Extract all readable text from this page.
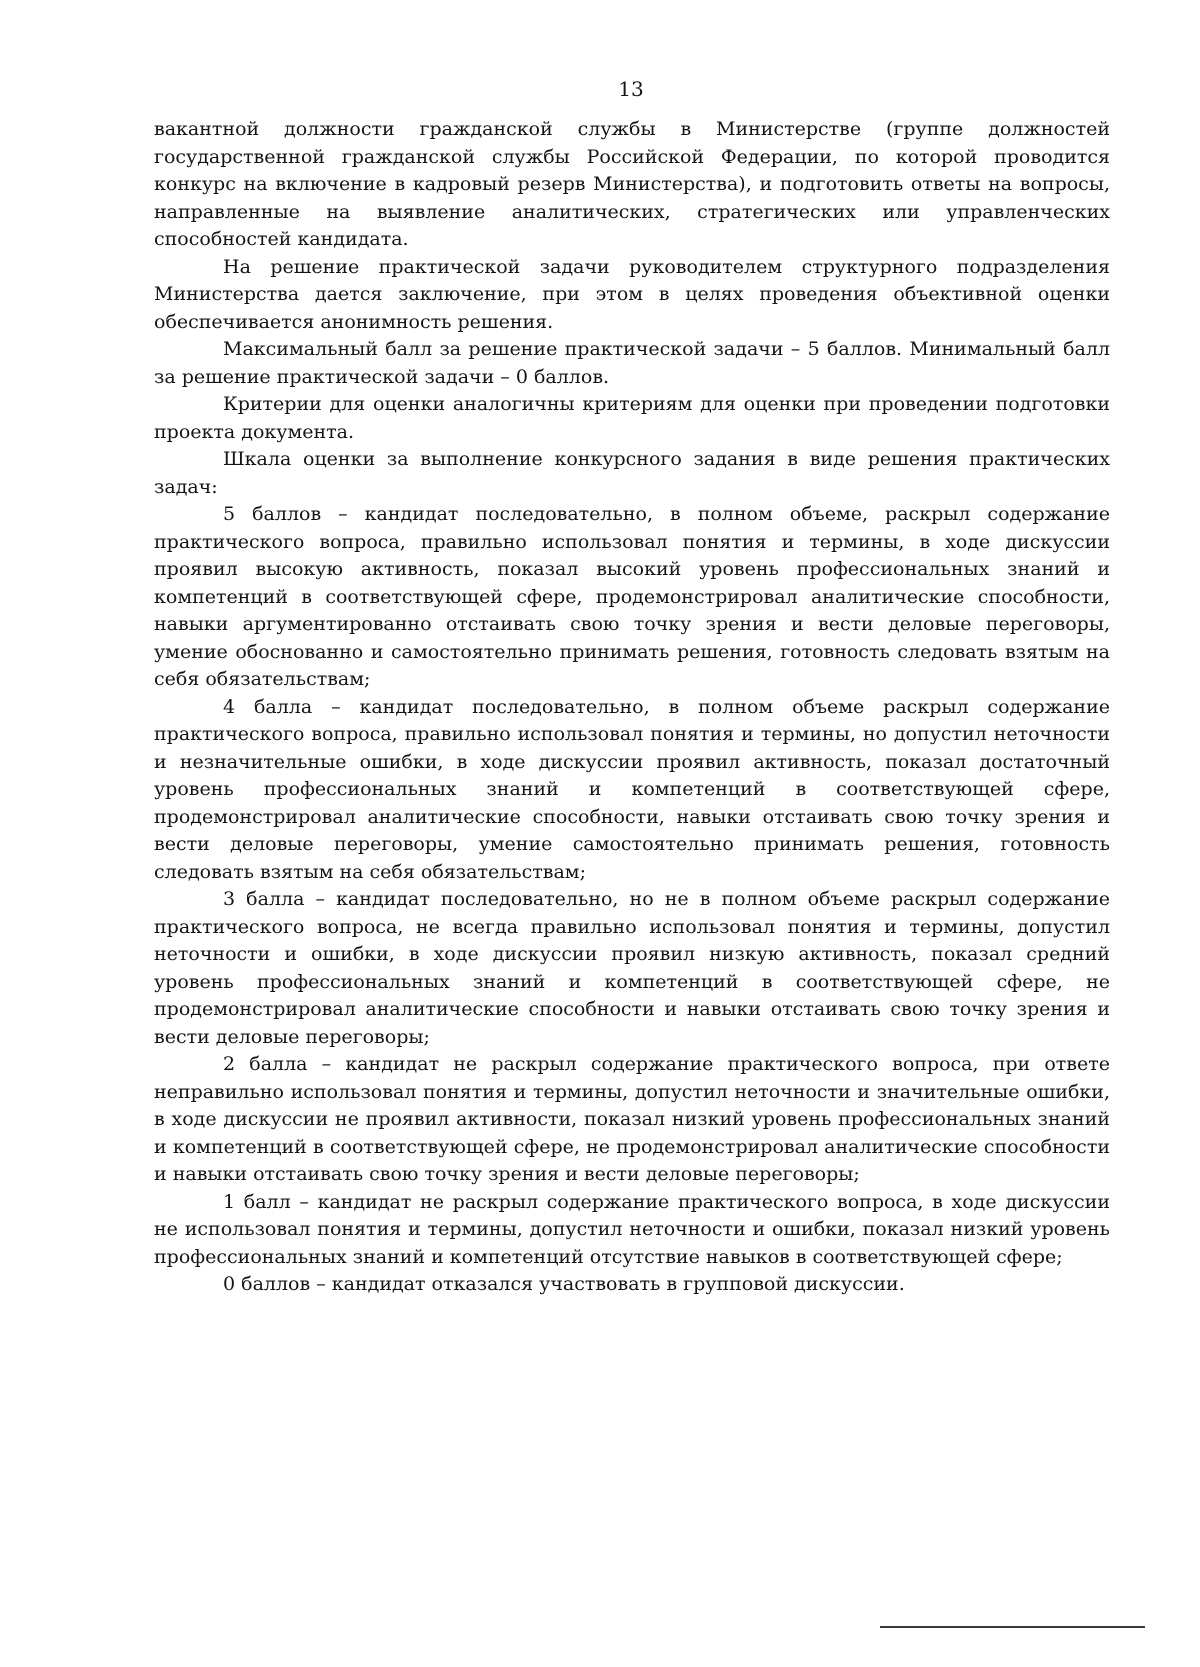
13

вакантной должности гражданской службы в Министерстве (группе должностей государственной гражданской службы Российской Федерации, по которой проводится конкурс на включение в кадровый резерв Министерства), и подготовить ответы на вопросы, направленные на выявление аналитических, стратегических или управленческих способностей кандидата.

На решение практической задачи руководителем структурного подразделения Министерства дается заключение, при этом в целях проведения объективной оценки обеспечивается анонимность решения.

Максимальный балл за решение практической задачи – 5 баллов. Минимальный балл за решение практической задачи – 0 баллов.

Критерии для оценки аналогичны критериям для оценки при проведении подготовки проекта документа.

Шкала оценки за выполнение конкурсного задания в виде решения практических задач:

5 баллов – кандидат последовательно, в полном объеме, раскрыл содержание практического вопроса, правильно использовал понятия и термины, в ходе дискуссии проявил высокую активность, показал высокий уровень профессиональных знаний и компетенций в соответствующей сфере, продемонстрировал аналитические способности, навыки аргументированно отстаивать свою точку зрения и вести деловые переговоры, умение обоснованно и самостоятельно принимать решения, готовность следовать взятым на себя обязательствам;

4 балла – кандидат последовательно, в полном объеме раскрыл содержание практического вопроса, правильно использовал понятия и термины, но допустил неточности и незначительные ошибки, в ходе дискуссии проявил активность, показал достаточный уровень профессиональных знаний и компетенций в соответствующей сфере, продемонстрировал аналитические способности, навыки отстаивать свою точку зрения и вести деловые переговоры, умение самостоятельно принимать решения, готовность следовать взятым на себя обязательствам;

3 балла – кандидат последовательно, но не в полном объеме раскрыл содержание практического вопроса, не всегда правильно использовал понятия и термины, допустил неточности и ошибки, в ходе дискуссии проявил низкую активность, показал средний уровень профессиональных знаний и компетенций в соответствующей сфере, не продемонстрировал аналитические способности и навыки отстаивать свою точку зрения и вести деловые переговоры;

2 балла – кандидат не раскрыл содержание практического вопроса, при ответе неправильно использовал понятия и термины, допустил неточности и значительные ошибки, в ходе дискуссии не проявил активности, показал низкий уровень профессиональных знаний и компетенций в соответствующей сфере, не продемонстрировал аналитические способности и навыки отстаивать свою точку зрения и вести деловые переговоры;

1 балл – кандидат не раскрыл содержание практического вопроса, в ходе дискуссии не использовал понятия и термины, допустил неточности и ошибки, показал низкий уровень профессиональных знаний и компетенций отсутствие навыков в соответствующей сфере;

0 баллов – кандидат отказался участвовать в групповой дискуссии.
